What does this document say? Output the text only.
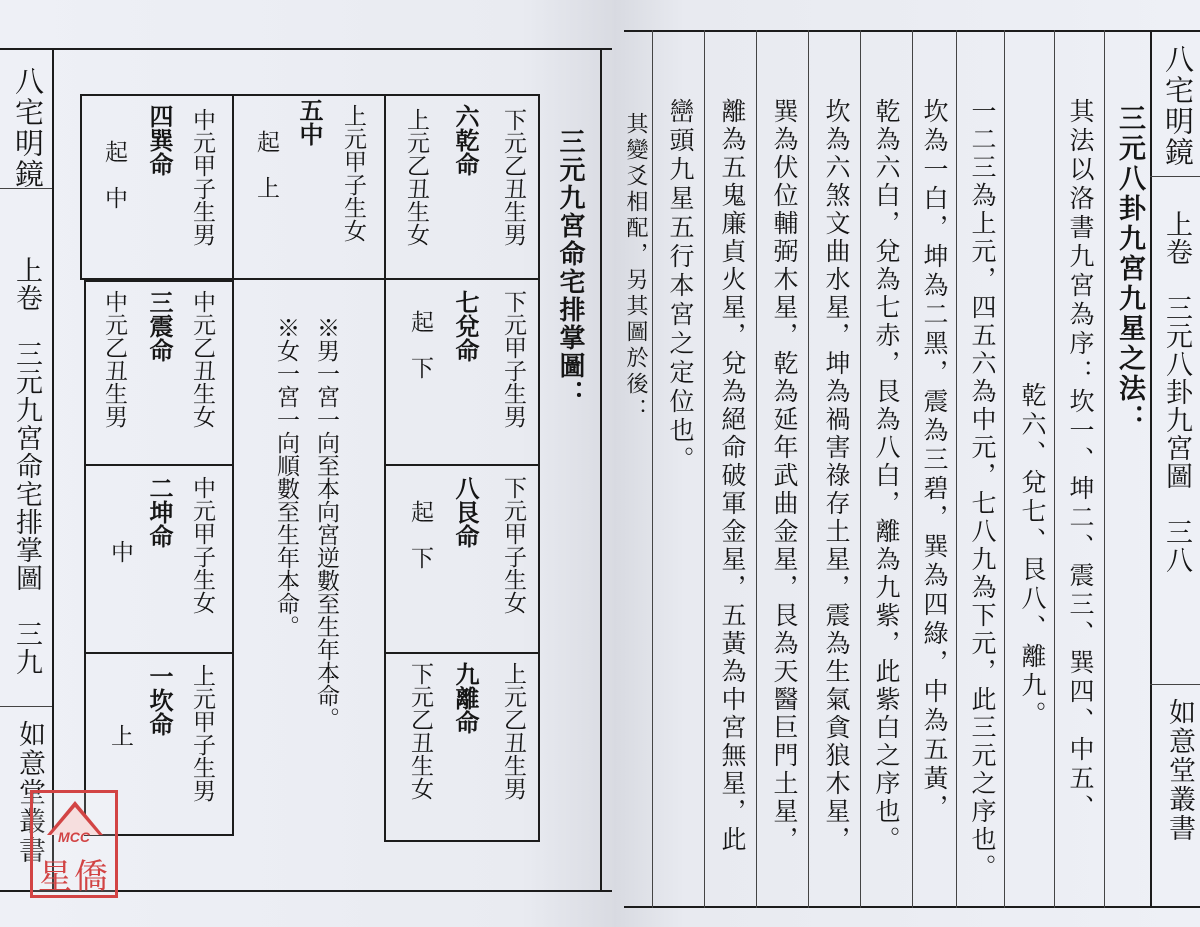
八宅明鏡
上卷　三元九宮命宅排掌圖　三九
如意堂叢書
三元九宮命宅排掌圖：
下元乙丑生男
六乾命
上元乙丑生女
上元甲子生女
五中
起　上
中元甲子生男
四巽命
起　中
下元甲子生男
七兌命
起　下
下元甲子生女
八艮命
起　下
上元乙丑生男
九離命
下元乙丑生女
中元乙丑生女
三震命
中元乙丑生男
中元甲子生女
二坤命
中
上元甲子生男
一坎命
上
※男一宮一向至本向宮逆數至生年本命。
※女一宮一向順數至生年本命。
MCC
星僑
八宅明鏡
上卷　三元八卦九宮圖　三八
如意堂叢書
三元八卦九宮九星之法：
其法以洛書九宮為序：坎一、坤二、震三、巽四、中五、
乾六、兌七、艮八、離九。
一二三為上元，四五六為中元，七八九為下元，此三元之序也。
坎為一白，坤為二黑，震為三碧，巽為四綠，中為五黃，
乾為六白，兌為七赤，艮為八白，離為九紫，此紫白之序也。
坎為六煞文曲水星，坤為禍害祿存土星，震為生氣貪狼木星，
巽為伏位輔弼木星，乾為延年武曲金星，艮為天醫巨門土星，
離為五鬼廉貞火星，兌為絕命破軍金星，五黃為中宮無星，此
巒頭九星五行本宮之定位也。
其變爻相配，另其圖於後：
